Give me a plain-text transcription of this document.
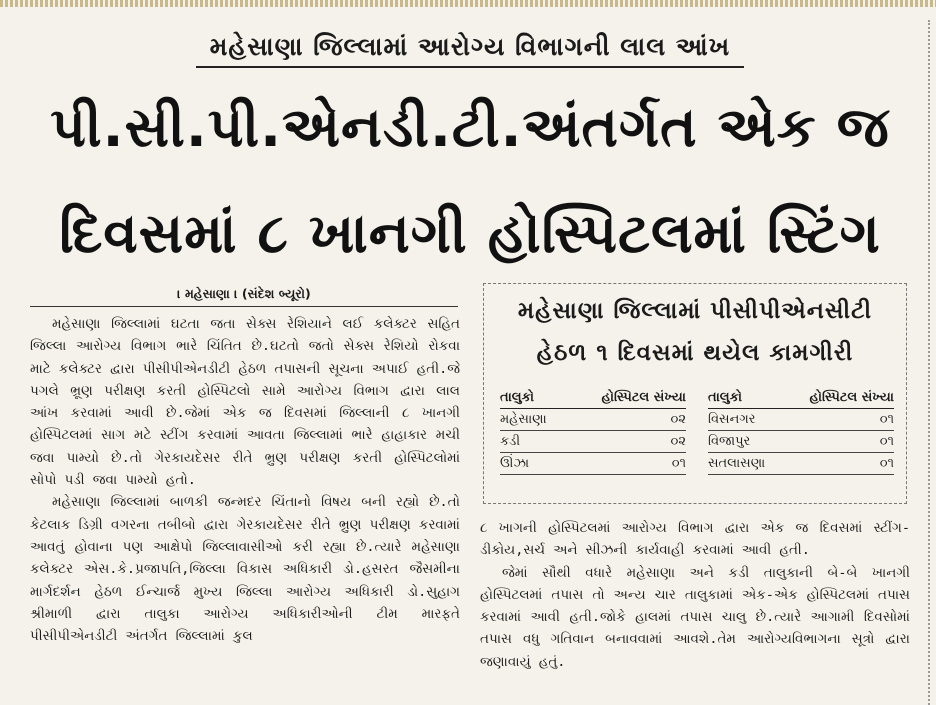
મહેસાણા જિલ્લામાં આરોગ્ય વિભાગની લાલ આંખ
પી.સી.પી.એનડી.ટી.અંતર્ગત એક જ
દિવસમાં ૮ ખાનગી હોસ્પિટલમાં સ્ટિંગ
। મહેસાણા । (સંદેશ બ્યૂરો)

મહેસાણા જિલ્લામાં ઘટતા જતા સેક્સ રેશિયાને લઈ કલેક્ટર સહિત જિલ્લા આરોગ્ય વિભાગ ભારે ચિંતિત છે.ઘટતો જતો સેક્સ રેશિયો રોકવા માટે કલેક્ટર દ્વારા પીસીપીએનડીટી હેઠળ તપાસની સૂચના અપાઈ હતી.જે પગલે ભ્રૂણ પરીક્ષણ કરતી હોસ્પિટલો સામે આરોગ્ય વિભાગ દ્વારા લાલ આંખ કરવામાં આવી છે.જેમાં એક જ દિવસમાં જિલ્લાની ૮ ખાનગી હોસ્પિટલમાં સાગ મટે સ્ટીંગ કરવામાં આવતા જિલ્લામાં ભારે હાહાકાર મચી જવા પામ્યો છે.તો ગેરકાયદેસર રીતે ભ્રુણ પરીક્ષણ કરતી હોસ્પિટલોમાં સોપો પડી જવા પામ્યો હતો.

મહેસાણા જિલ્લામાં બાળકી જન્મદર ચિંતાનો વિષય બની રહ્યો છે.તો કેટલાક ડિગ્રી વગરના તબીબો દ્વારા ગેરકાયદેસર રીતે ભ્રુણ પરીક્ષણ કરવામાં આવતું હોવાના પણ આક્ષેપો જિલ્લાવાસીઓ કરી રહ્યા છે.ત્યારે મહેસાણા કલેક્ટર એસ.કે.પ્રજાપતિ,જિલ્લા વિકાસ અધિકારી ડો.હસરત જૈસમીના માર્ગદર્શન હેઠળ ઈન્ચાર્જ મુખ્ય જિલ્લા આરોગ્ય અધિકારી ડો.સુહાગ શ્રીમાળી દ્વારા તાલુકા આરોગ્ય અધિકારીઓની ટીમ મારફતે પીસીપીએનડીટી અંતર્ગત જિલ્લામાં કુલ

મહેસાણા જિલ્લામાં પીસીપીએનસીટી
હેઠળ ૧ દિવસમાં થયેલ કામગીરી
તાલુકો	હોસ્પિટલ સંખ્યા
મહેસાણા	૦૨
કડી	૦૨
ઊંઝા	૦૧
તાલુકો	હોસ્પિટલ સંખ્યા
વિસનગર	૦૧
વિજાપુર	૦૧
સતલાસણા	૦૧

૮ ખાગની હોસ્પિટલમાં આરોગ્ય વિભાગ દ્વારા એક જ દિવસમાં સ્ટીંગ-ડીકોય,સર્ચ અને સીઝની કાર્યવાહી કરવામાં આવી હતી.

જેમાં સૌથી વધારે મહેસાણા અને કડી તાલુકાની બે-બે ખાનગી હોસ્પિટલમાં તપાસ તો અન્ય ચાર તાલુકામાં એક-એક હોસ્પિટલમાં તપાસ કરવામાં આવી હતી.જોકે હાલમાં તપાસ ચાલુ છે.ત્યારે આગામી દિવસોમાં તપાસ વધુ ગતિવાન બનાવવામાં આવશે.તેમ આરોગ્યવિભાગના સૂત્રો દ્વારા જણાવાયું હતું.
